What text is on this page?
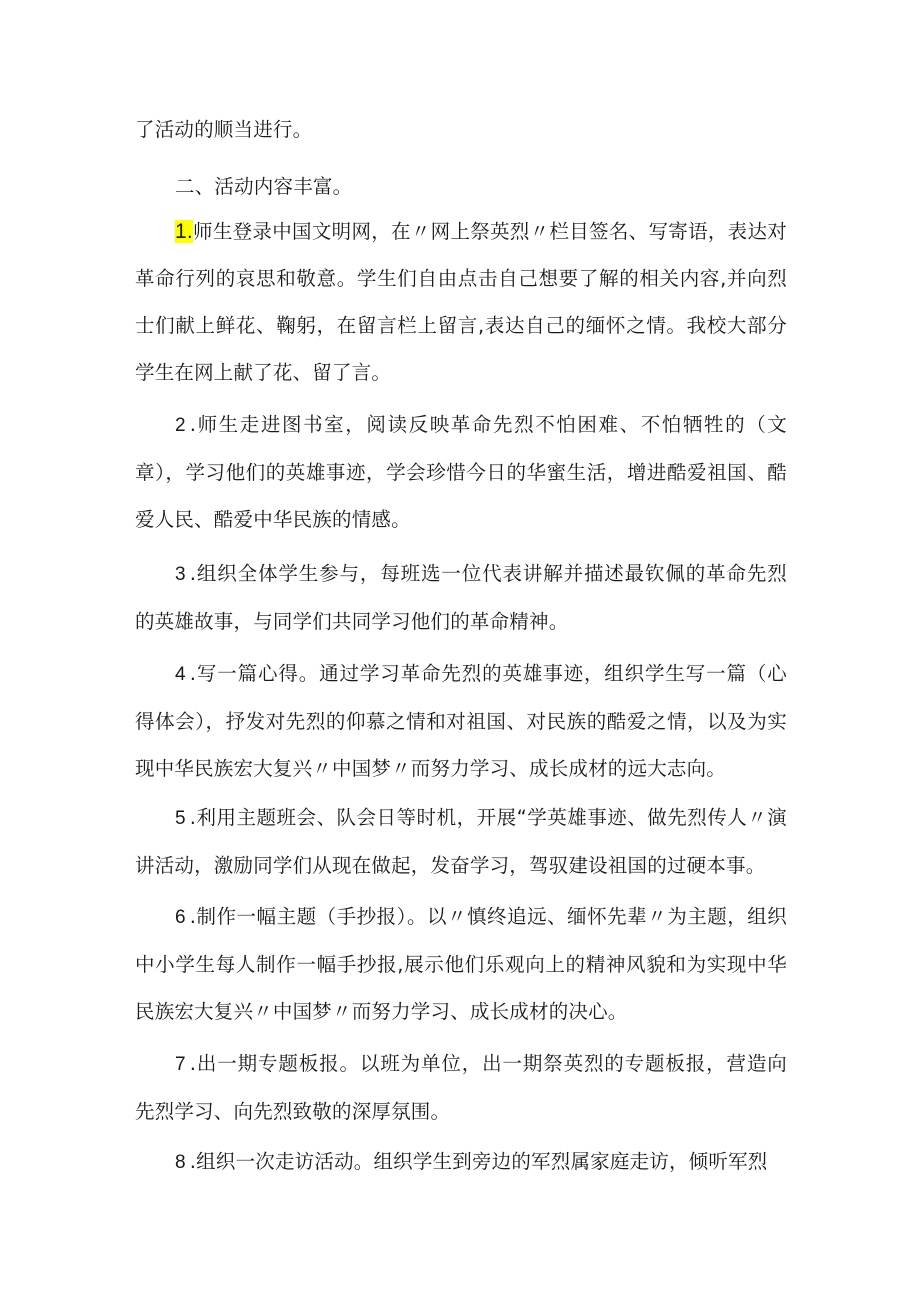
了活动的顺当进行。

二、活动内容丰富。

1.师生登录中国文明网，在〃网上祭英烈〃栏目签名、写寄语，表达对革命行列的哀思和敬意。学生们自由点击自己想要了解的相关内容,并向烈士们献上鲜花、鞠躬，在留言栏上留言,表达自己的缅怀之情。我校大部分学生在网上献了花、留了言。

2 .师生走进图书室，阅读反映革命先烈不怕困难、不怕牺牲的（文章），学习他们的英雄事迹，学会珍惜今日的华蜜生活，增进酷爱祖国、酷爱人民、酷爱中华民族的情感。

3 .组织全体学生参与，每班选一位代表讲解并描述最钦佩的革命先烈的英雄故事，与同学们共同学习他们的革命精神。

4 .写一篇心得。通过学习革命先烈的英雄事迹，组织学生写一篇（心得体会），抒发对先烈的仰慕之情和对祖国、对民族的酷爱之情，以及为实现中华民族宏大复兴〃中国梦〃而努力学习、成长成材的远大志向。

5 .利用主题班会、队会日等时机，开展“学英雄事迹、做先烈传人〃演讲活动，激励同学们从现在做起，发奋学习，驾驭建设祖国的过硬本事。

6 .制作一幅主题（手抄报）。以〃慎终追远、缅怀先辈〃为主题，组织中小学生每人制作一幅手抄报,展示他们乐观向上的精神风貌和为实现中华民族宏大复兴〃中国梦〃而努力学习、成长成材的决心。

7 .出一期专题板报。以班为单位，出一期祭英烈的专题板报，营造向先烈学习、向先烈致敬的深厚氛围。

8 .组织一次走访活动。组织学生到旁边的军烈属家庭走访，倾听军烈
